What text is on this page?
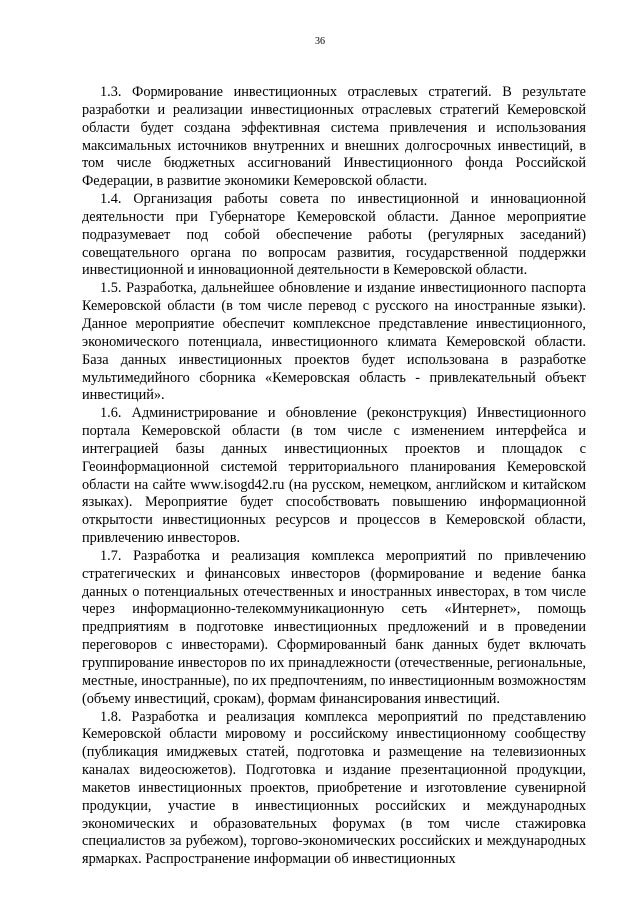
36

1.3. Формирование инвестиционных отраслевых стратегий. В результате разработки и реализации инвестиционных отраслевых стратегий Кемеровской области будет создана эффективная система привлечения и использования максимальных источников внутренних и внешних долгосрочных инвестиций, в том числе бюджетных ассигнований Инвестиционного фонда Российской Федерации, в развитие экономики Кемеровской области.

1.4. Организация работы совета по инвестиционной и инновационной деятельности при Губернаторе Кемеровской области. Данное мероприятие подразумевает под собой обеспечение работы (регулярных заседаний) совещательного органа по вопросам развития, государственной поддержки инвестиционной и инновационной деятельности в Кемеровской области.

1.5. Разработка, дальнейшее обновление и издание инвестиционного паспорта Кемеровской области (в том числе перевод с русского на иностранные языки). Данное мероприятие обеспечит комплексное представление инвестиционного, экономического потенциала, инвестиционного климата Кемеровской области. База данных инвестиционных проектов будет использована в разработке мультимедийного сборника «Кемеровская область - привлекательный объект инвестиций».

1.6. Администрирование и обновление (реконструкция) Инвестиционного портала Кемеровской области (в том числе с изменением интерфейса и интеграцией базы данных инвестиционных проектов и площадок с Геоинформационной системой территориального планирования Кемеровской области на сайте www.isogd42.ru (на русском, немецком, английском и китайском языках). Мероприятие будет способствовать повышению информационной открытости инвестиционных ресурсов и процессов в Кемеровской области, привлечению инвесторов.

1.7. Разработка и реализация комплекса мероприятий по привлечению стратегических и финансовых инвесторов (формирование и ведение банка данных о потенциальных отечественных и иностранных инвесторах, в том числе через информационно-телекоммуникационную сеть «Интернет», помощь предприятиям в подготовке инвестиционных предложений и в проведении переговоров с инвесторами). Сформированный банк данных будет включать группирование инвесторов по их принадлежности (отечественные, региональные, местные, иностранные), по их предпочтениям, по инвестиционным возможностям (объему инвестиций, срокам), формам финансирования инвестиций.

1.8. Разработка и реализация комплекса мероприятий по представлению Кемеровской области мировому и российскому инвестиционному сообществу (публикация имиджевых статей, подготовка и размещение на телевизионных каналах видеосюжетов). Подготовка и издание презентационной продукции, макетов инвестиционных проектов, приобретение и изготовление сувенирной продукции, участие в инвестиционных российских и международных экономических и образовательных форумах (в том числе стажировка специалистов за рубежом), торгово-экономических российских и международных ярмарках. Распространение информации об инвестиционных
